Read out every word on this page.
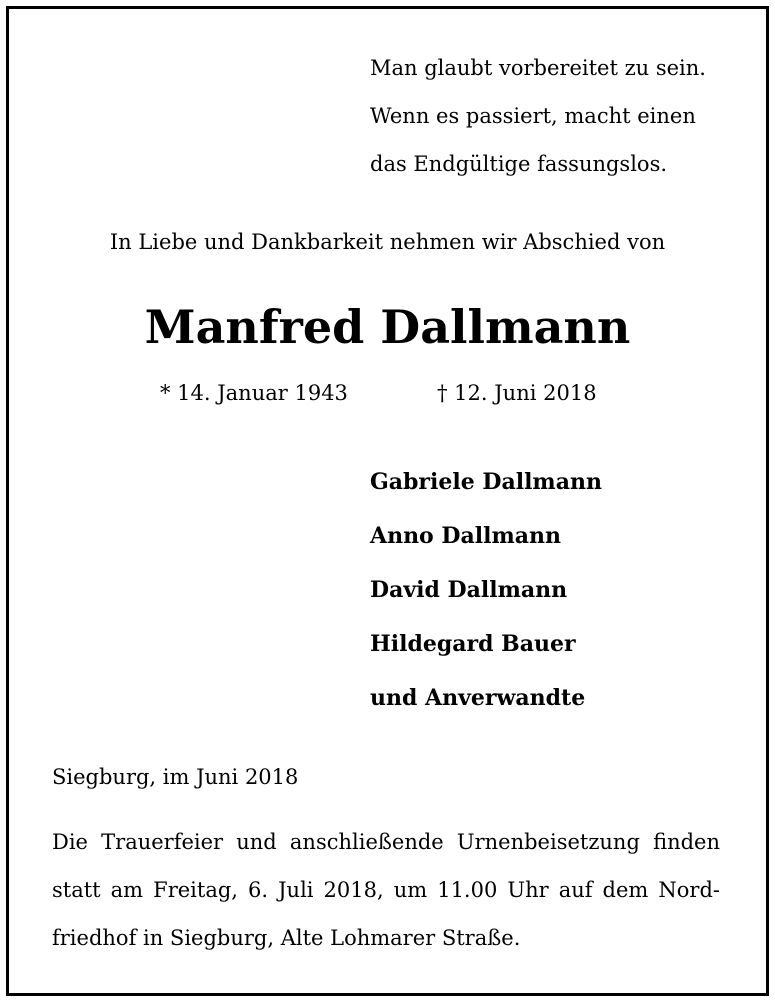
Man glaubt vorbereitet zu sein.
Wenn es passiert, macht einen
das Endgültige fassungslos.
In Liebe und Dankbarkeit nehmen wir Abschied von
Manfred Dallmann
* 14. Januar 1943	† 12. Juni 2018
Gabriele Dallmann
Anno Dallmann
David Dallmann
Hildegard Bauer
und Anverwandte
Siegburg, im Juni 2018
Die Trauerfeier und anschließende Urnenbeisetzung finden
statt am Freitag, 6. Juli 2018, um 11.00 Uhr auf dem Nord-
friedhof in Siegburg, Alte Lohmarer Straße.
